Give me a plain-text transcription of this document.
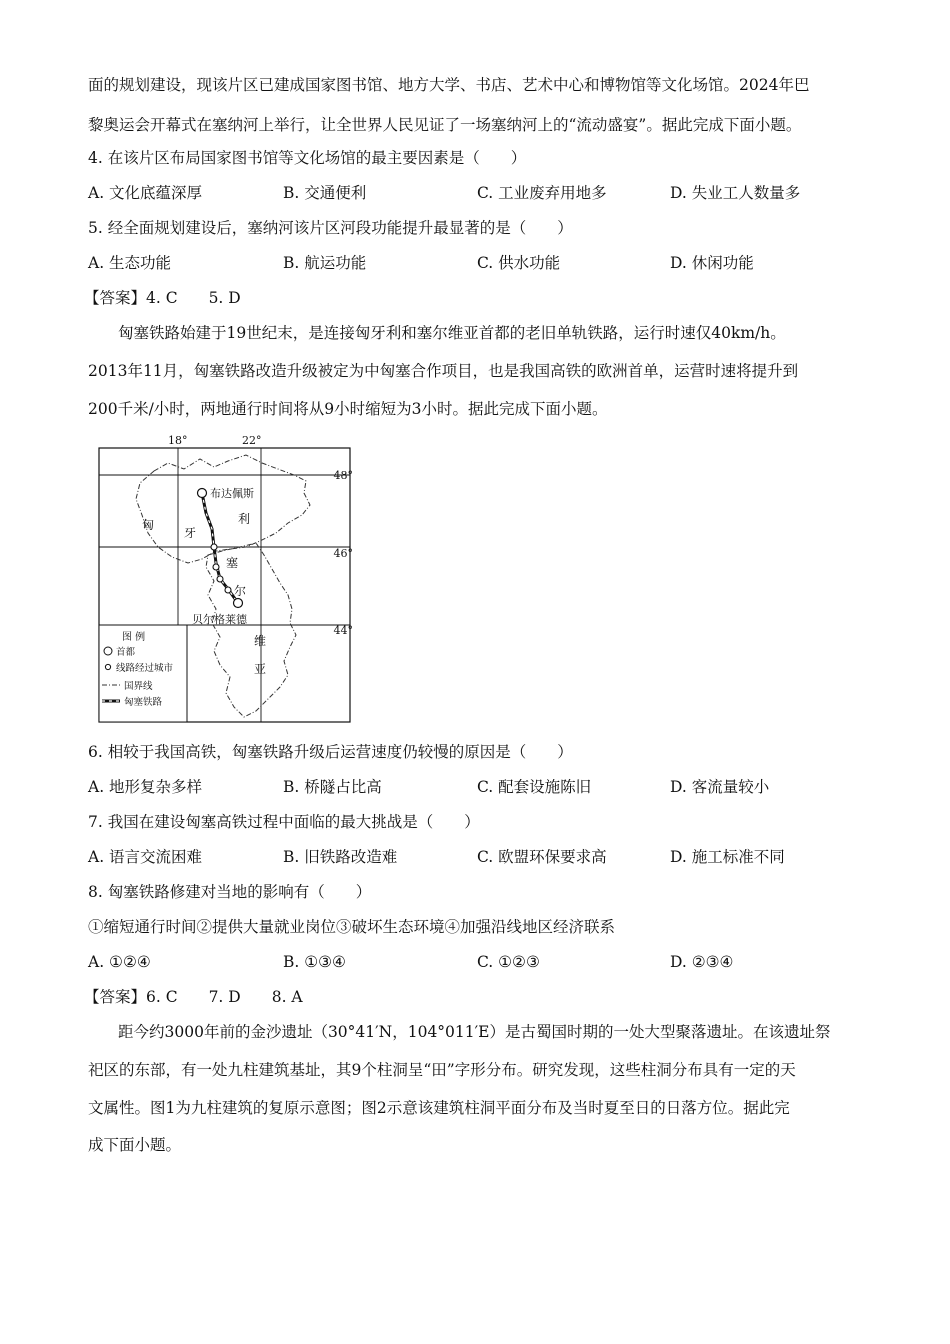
面的规划建设，现该片区已建成国家图书馆、地方大学、书店、艺术中心和博物馆等文化场馆。2024年巴
黎奥运会开幕式在塞纳河上举行，让全世界人民见证了一场塞纳河上的“流动盛宴”。据此完成下面小题。
4. 在该片区布局国家图书馆等文化场馆的最主要因素是（　　）
A. 文化底蕴深厚	B. 交通便利	C. 工业废弃用地多	D. 失业工人数量多
5. 经全面规划建设后，塞纳河该片区河段功能提升最显著的是（　　）
A. 生态功能	B. 航运功能	C. 供水功能	D. 休闲功能
【答案】4. C　　5. D
匈塞铁路始建于19世纪末，是连接匈牙利和塞尔维亚首都的老旧单轨铁路，运行时速仅40km/h。
2013年11月，匈塞铁路改造升级被定为中匈塞合作项目，也是我国高铁的欧洲首单，运营时速将提升到
200千米/小时，两地通行时间将从9小时缩短为3小时。据此完成下面小题。
18°	22°
48°
46°
44°
布达佩斯
贝尔格莱德
匈
牙
利
塞
尔
维
亚
图 例
首都
线路经过城市
国界线
匈塞铁路
6. 相较于我国高铁，匈塞铁路升级后运营速度仍较慢的原因是（　　）
A. 地形复杂多样	B. 桥隧占比高	C. 配套设施陈旧	D. 客流量较小
7. 我国在建设匈塞高铁过程中面临的最大挑战是（　　）
A. 语言交流困难	B. 旧铁路改造难	C. 欧盟环保要求高	D. 施工标准不同
8. 匈塞铁路修建对当地的影响有（　　）
①缩短通行时间②提供大量就业岗位③破坏生态环境④加强沿线地区经济联系
A. ①②④	B. ①③④	C. ①②③	D. ②③④
【答案】6. C　　7. D　　8. A
距今约3000年前的金沙遗址（30°41′N，104°011′E）是古蜀国时期的一处大型聚落遗址。在该遗址祭
祀区的东部，有一处九柱建筑基址，其9个柱洞呈“田”字形分布。研究发现，这些柱洞分布具有一定的天
文属性。图1为九柱建筑的复原示意图；图2示意该建筑柱洞平面分布及当时夏至日的日落方位。据此完
成下面小题。
